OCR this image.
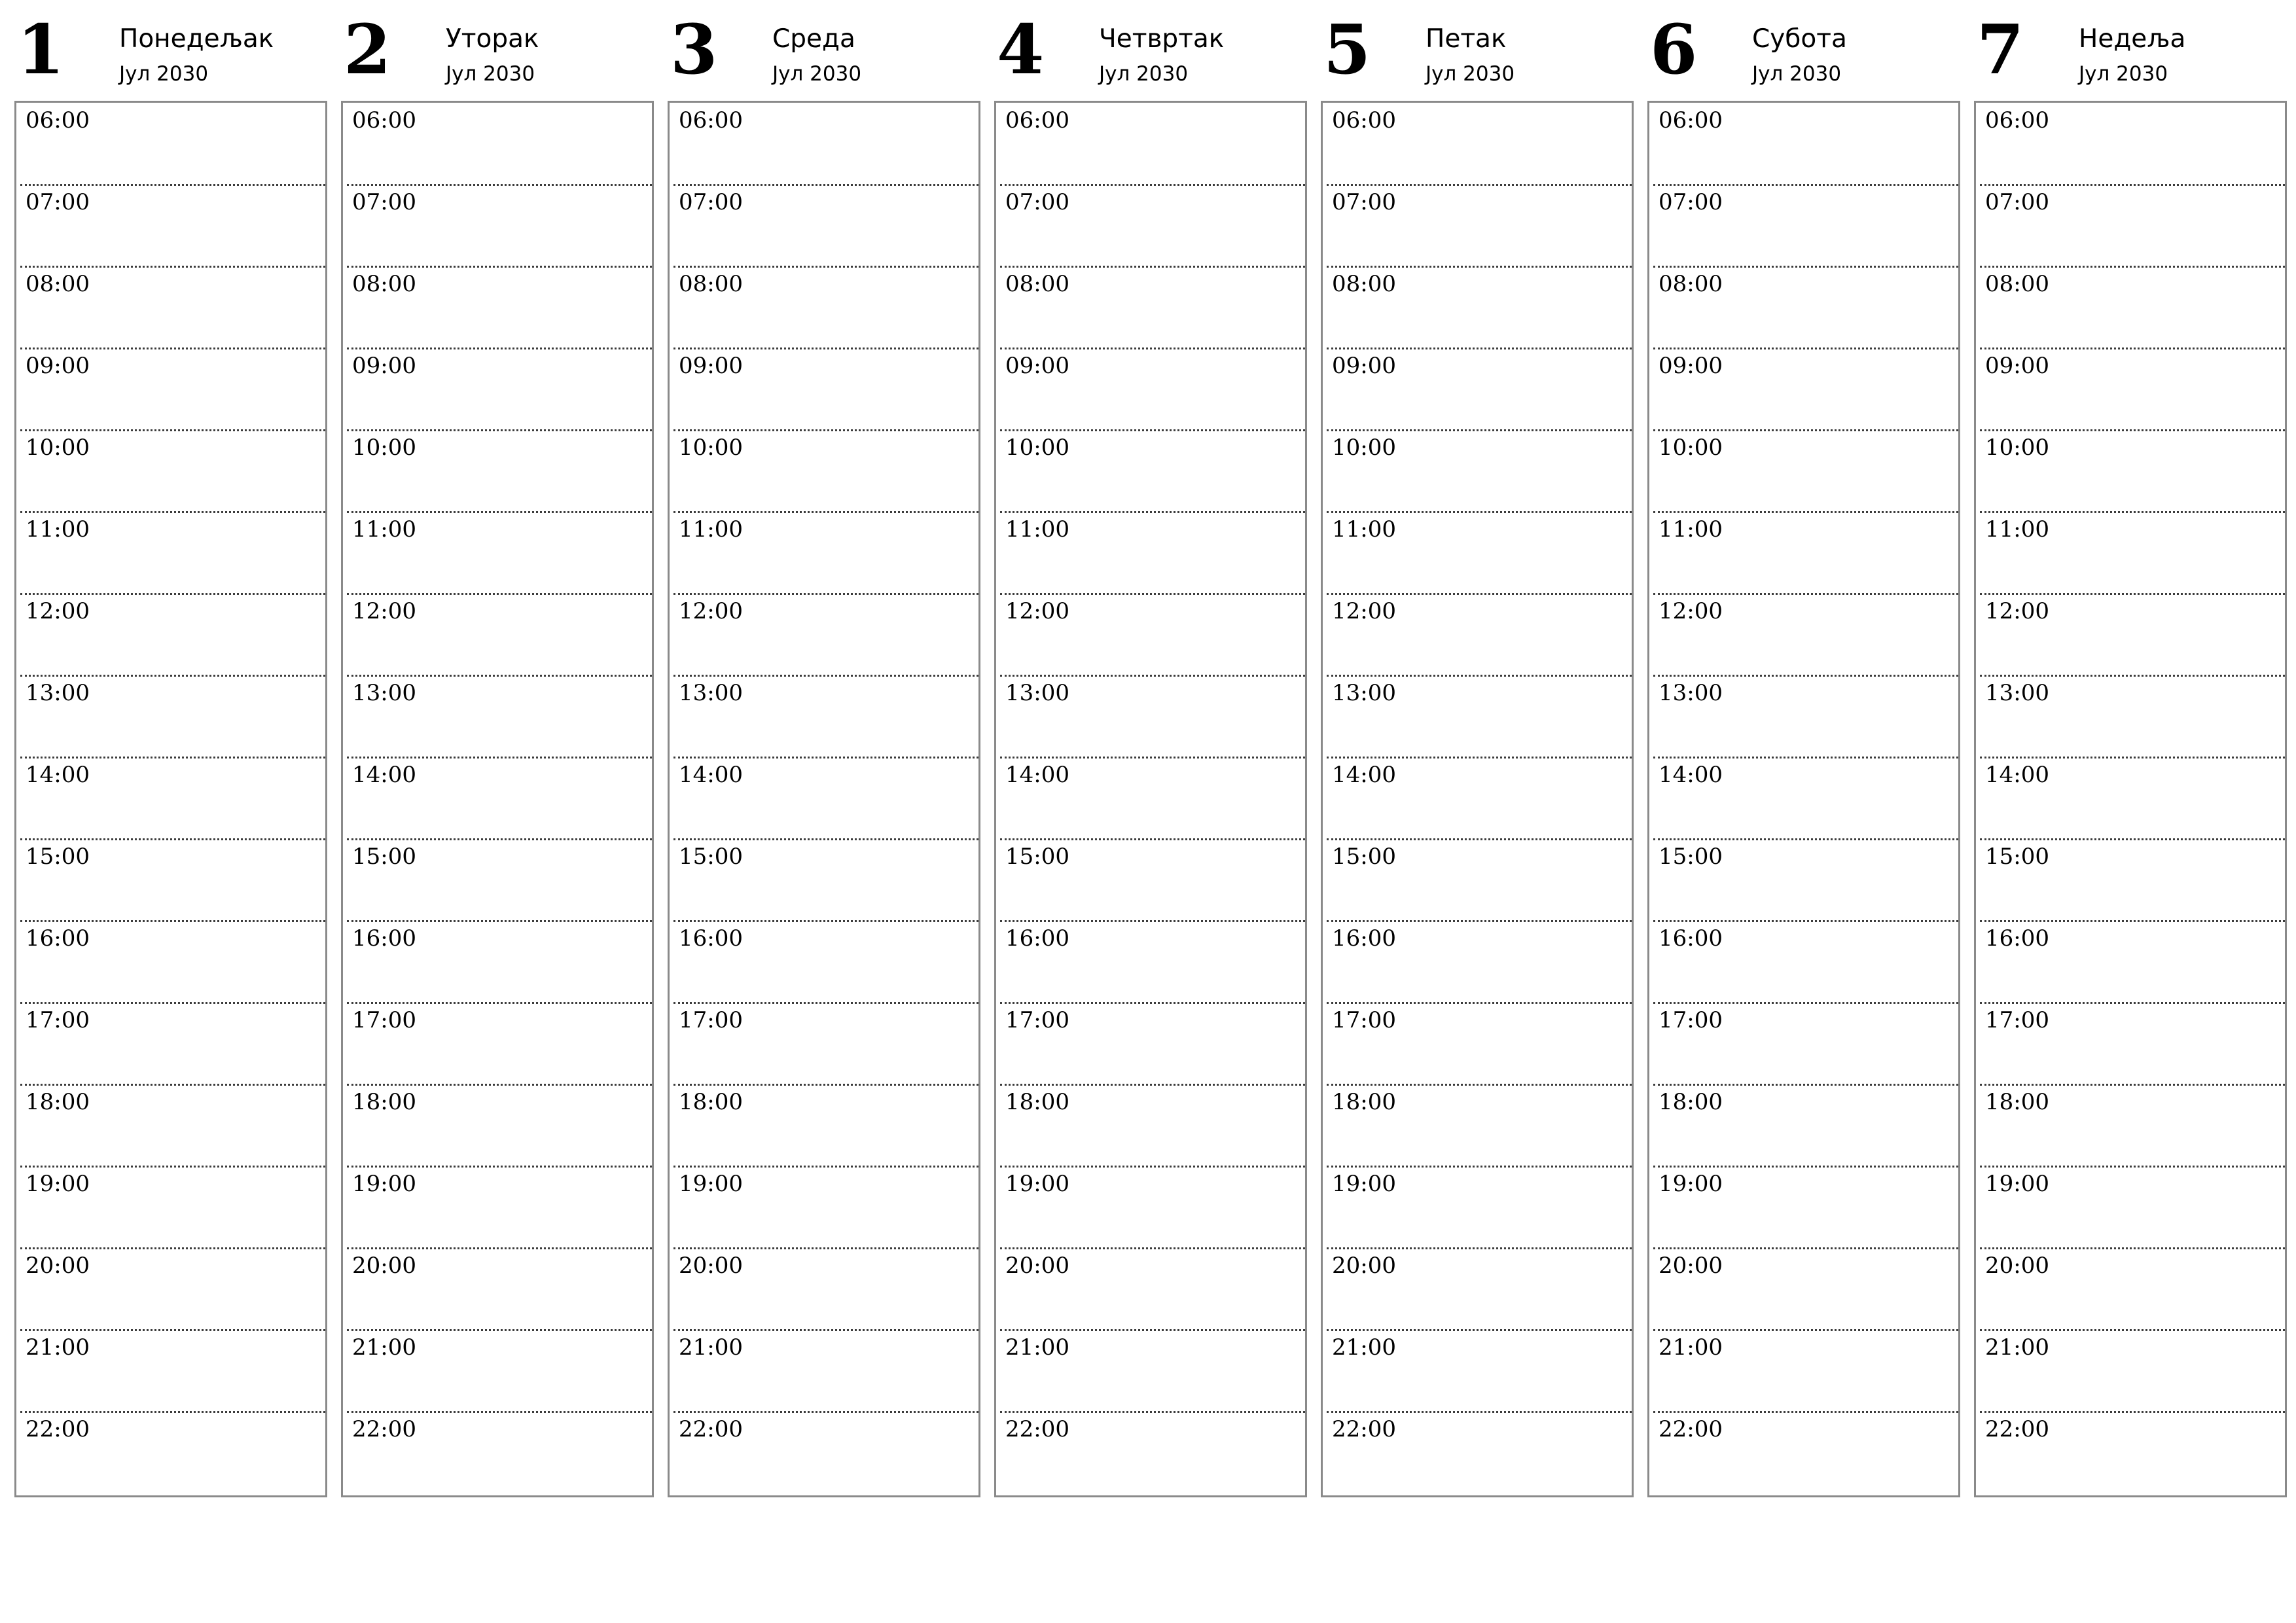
1 Понедељак
Јул 2030
06:00
07:00
08:00
09:00
10:00
11:00
12:00
13:00
14:00
15:00
16:00
17:00
18:00
19:00
20:00
21:00
22:00
2 Уторак
Јул 2030
06:00
07:00
08:00
09:00
10:00
11:00
12:00
13:00
14:00
15:00
16:00
17:00
18:00
19:00
20:00
21:00
22:00
3 Среда
Јул 2030
06:00
07:00
08:00
09:00
10:00
11:00
12:00
13:00
14:00
15:00
16:00
17:00
18:00
19:00
20:00
21:00
22:00
4 Четвртак
Јул 2030
06:00
07:00
08:00
09:00
10:00
11:00
12:00
13:00
14:00
15:00
16:00
17:00
18:00
19:00
20:00
21:00
22:00
5 Петак
Јул 2030
06:00
07:00
08:00
09:00
10:00
11:00
12:00
13:00
14:00
15:00
16:00
17:00
18:00
19:00
20:00
21:00
22:00
6 Субота
Јул 2030
06:00
07:00
08:00
09:00
10:00
11:00
12:00
13:00
14:00
15:00
16:00
17:00
18:00
19:00
20:00
21:00
22:00
7 Недеља
Јул 2030
06:00
07:00
08:00
09:00
10:00
11:00
12:00
13:00
14:00
15:00
16:00
17:00
18:00
19:00
20:00
21:00
22:00
